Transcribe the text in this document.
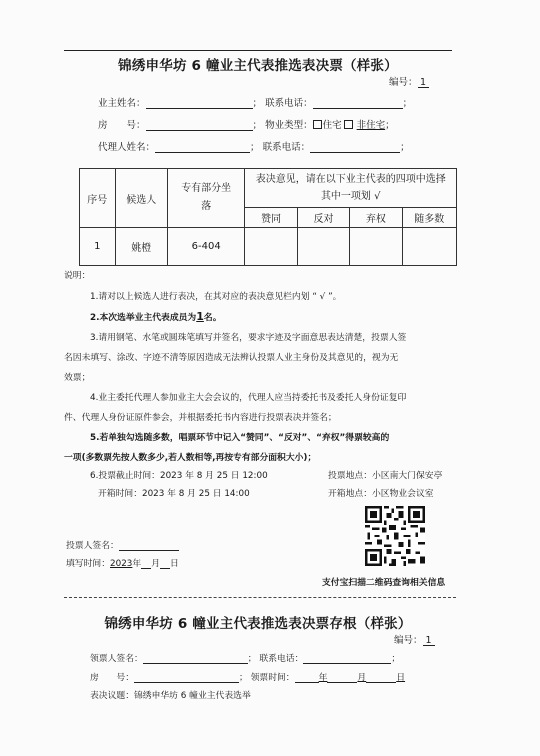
锦绣申华坊 6 幢业主代表推选表决票（样张）
编号： 1
业主姓名：	； 联系电话：	；
房　　号：	； 物业类型： 住宅 非住宅；
代理人姓名：	； 联系电话：	；
序号	候选人	专有部分坐落	表决意见，请在以下业主代表的四项中选择其中一项划 √			
			赞同	反对	弃权	随多数
1	姚橙	6-404				
说明：
1.请对以上候选人进行表决，在其对应的表决意见栏内划 “ √ ”。
2.本次选举业主代表成员为1名。
3.请用钢笔、水笔或圆珠笔填写并签名，要求字迹及字面意思表达清楚，投票人签
名因未填写、涂改、字迹不清等原因造成无法辨认投票人业主身份及其意见的，视为无
效票；
4.业主委托代理人参加业主大会会议的，代理人应当持委托书及委托人身份证复印
件、代理人身份证原件参会，并根据委托书内容进行投票表决并签名；
5.若单独勾选随多数，唱票环节中记入“赞同”、“反对”、“弃权”得票较高的
一项(多数票先按人数多少,若人数相等,再按专有部分面积大小)；
6.投票截止时间：2023 年 8 月 25 日 12:00	投票地点：小区南大门保安亭
开箱时间：2023 年 8 月 25 日 14:00	开箱地点：小区物业会议室
投票人签名：
填写时间：2023年 月 日
支付宝扫描二维码查询相关信息
锦绣申华坊 6 幢业主代表推选表决票存根（样张）
编号： 1
领票人签名：	； 联系电话：	；
房　　号：	； 领票时间：	年	月	日
表决议题：锦绣申华坊 6 幢业主代表选举
